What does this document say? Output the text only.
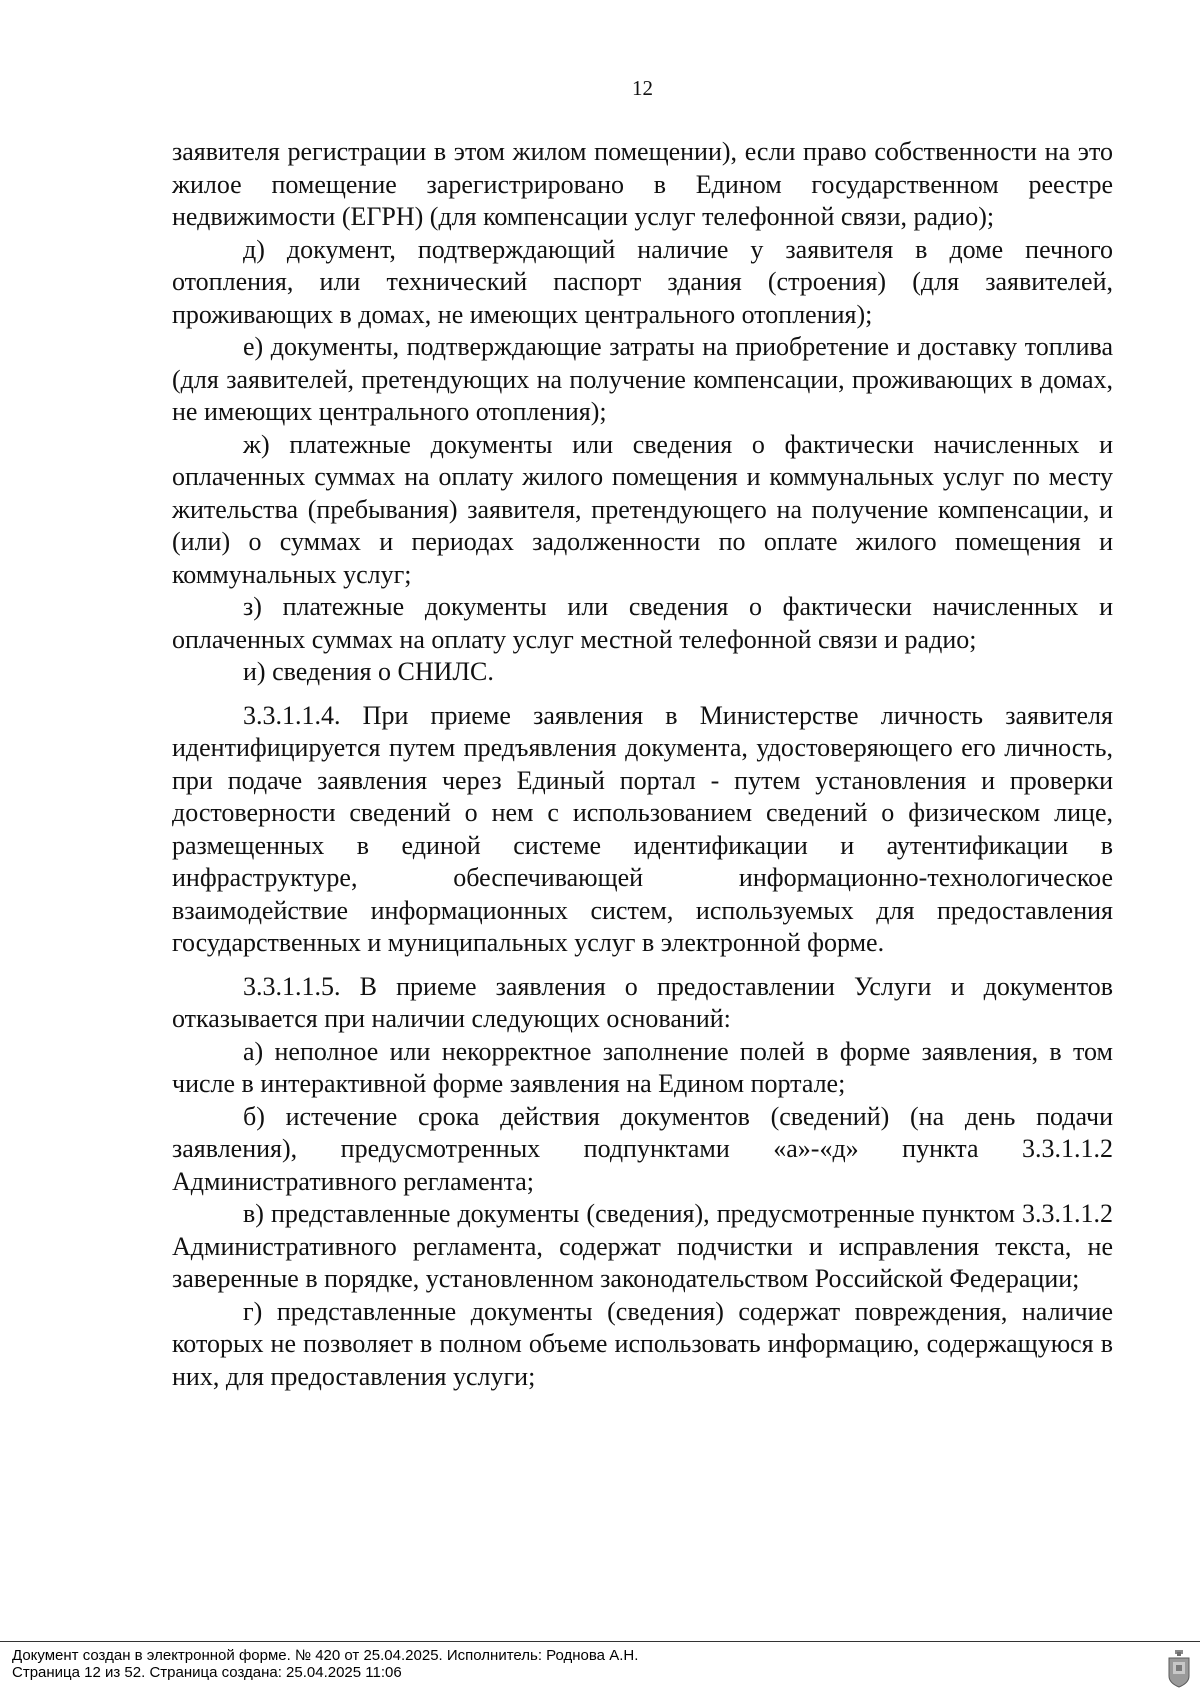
12

заявителя регистрации в этом жилом помещении), если право собственности на это жилое помещение зарегистрировано в Едином государственном реестре недвижимости (ЕГРН) (для компенсации услуг телефонной связи, радио);

д) документ, подтверждающий наличие у заявителя в доме печного отопления, или технический паспорт здания (строения) (для заявителей, проживающих в домах, не имеющих центрального отопления);

е) документы, подтверждающие затраты на приобретение и доставку топлива (для заявителей, претендующих на получение компенсации, проживающих в домах, не имеющих центрального отопления);

ж) платежные документы или сведения о фактически начисленных и оплаченных суммах на оплату жилого помещения и коммунальных услуг по месту жительства (пребывания) заявителя, претендующего на получение компенсации, и (или) о суммах и периодах задолженности по оплате жилого помещения и коммунальных услуг;

з) платежные документы или сведения о фактически начисленных и оплаченных суммах на оплату услуг местной телефонной связи и радио;

и) сведения о СНИЛС.

3.3.1.1.4. При приеме заявления в Министерстве личность заявителя идентифицируется путем предъявления документа, удостоверяющего его личность, при подаче заявления через Единый портал - путем установления и проверки достоверности сведений о нем с использованием сведений о физическом лице, размещенных в единой системе идентификации и аутентификации в инфраструктуре, обеспечивающей информационно-технологическое взаимодействие информационных систем, используемых для предоставления государственных и муниципальных услуг в электронной форме.

3.3.1.1.5. В приеме заявления о предоставлении Услуги и документов отказывается при наличии следующих оснований:

а) неполное или некорректное заполнение полей в форме заявления, в том числе в интерактивной форме заявления на Едином портале;

б) истечение срока действия документов (сведений) (на день подачи заявления), предусмотренных подпунктами «а»-«д» пункта 3.3.1.1.2 Административного регламента;

в) представленные документы (сведения), предусмотренные пунктом 3.3.1.1.2 Административного регламента, содержат подчистки и исправления текста, не заверенные в порядке, установленном законодательством Российской Федерации;

г) представленные документы (сведения) содержат повреждения, наличие которых не позволяет в полном объеме использовать информацию, содержащуюся в них, для предоставления услуги;

Документ создан в электронной форме. № 420 от 25.04.2025. Исполнитель: Роднова А.Н.
Страница 12 из 52. Страница создана: 25.04.2025 11:06
